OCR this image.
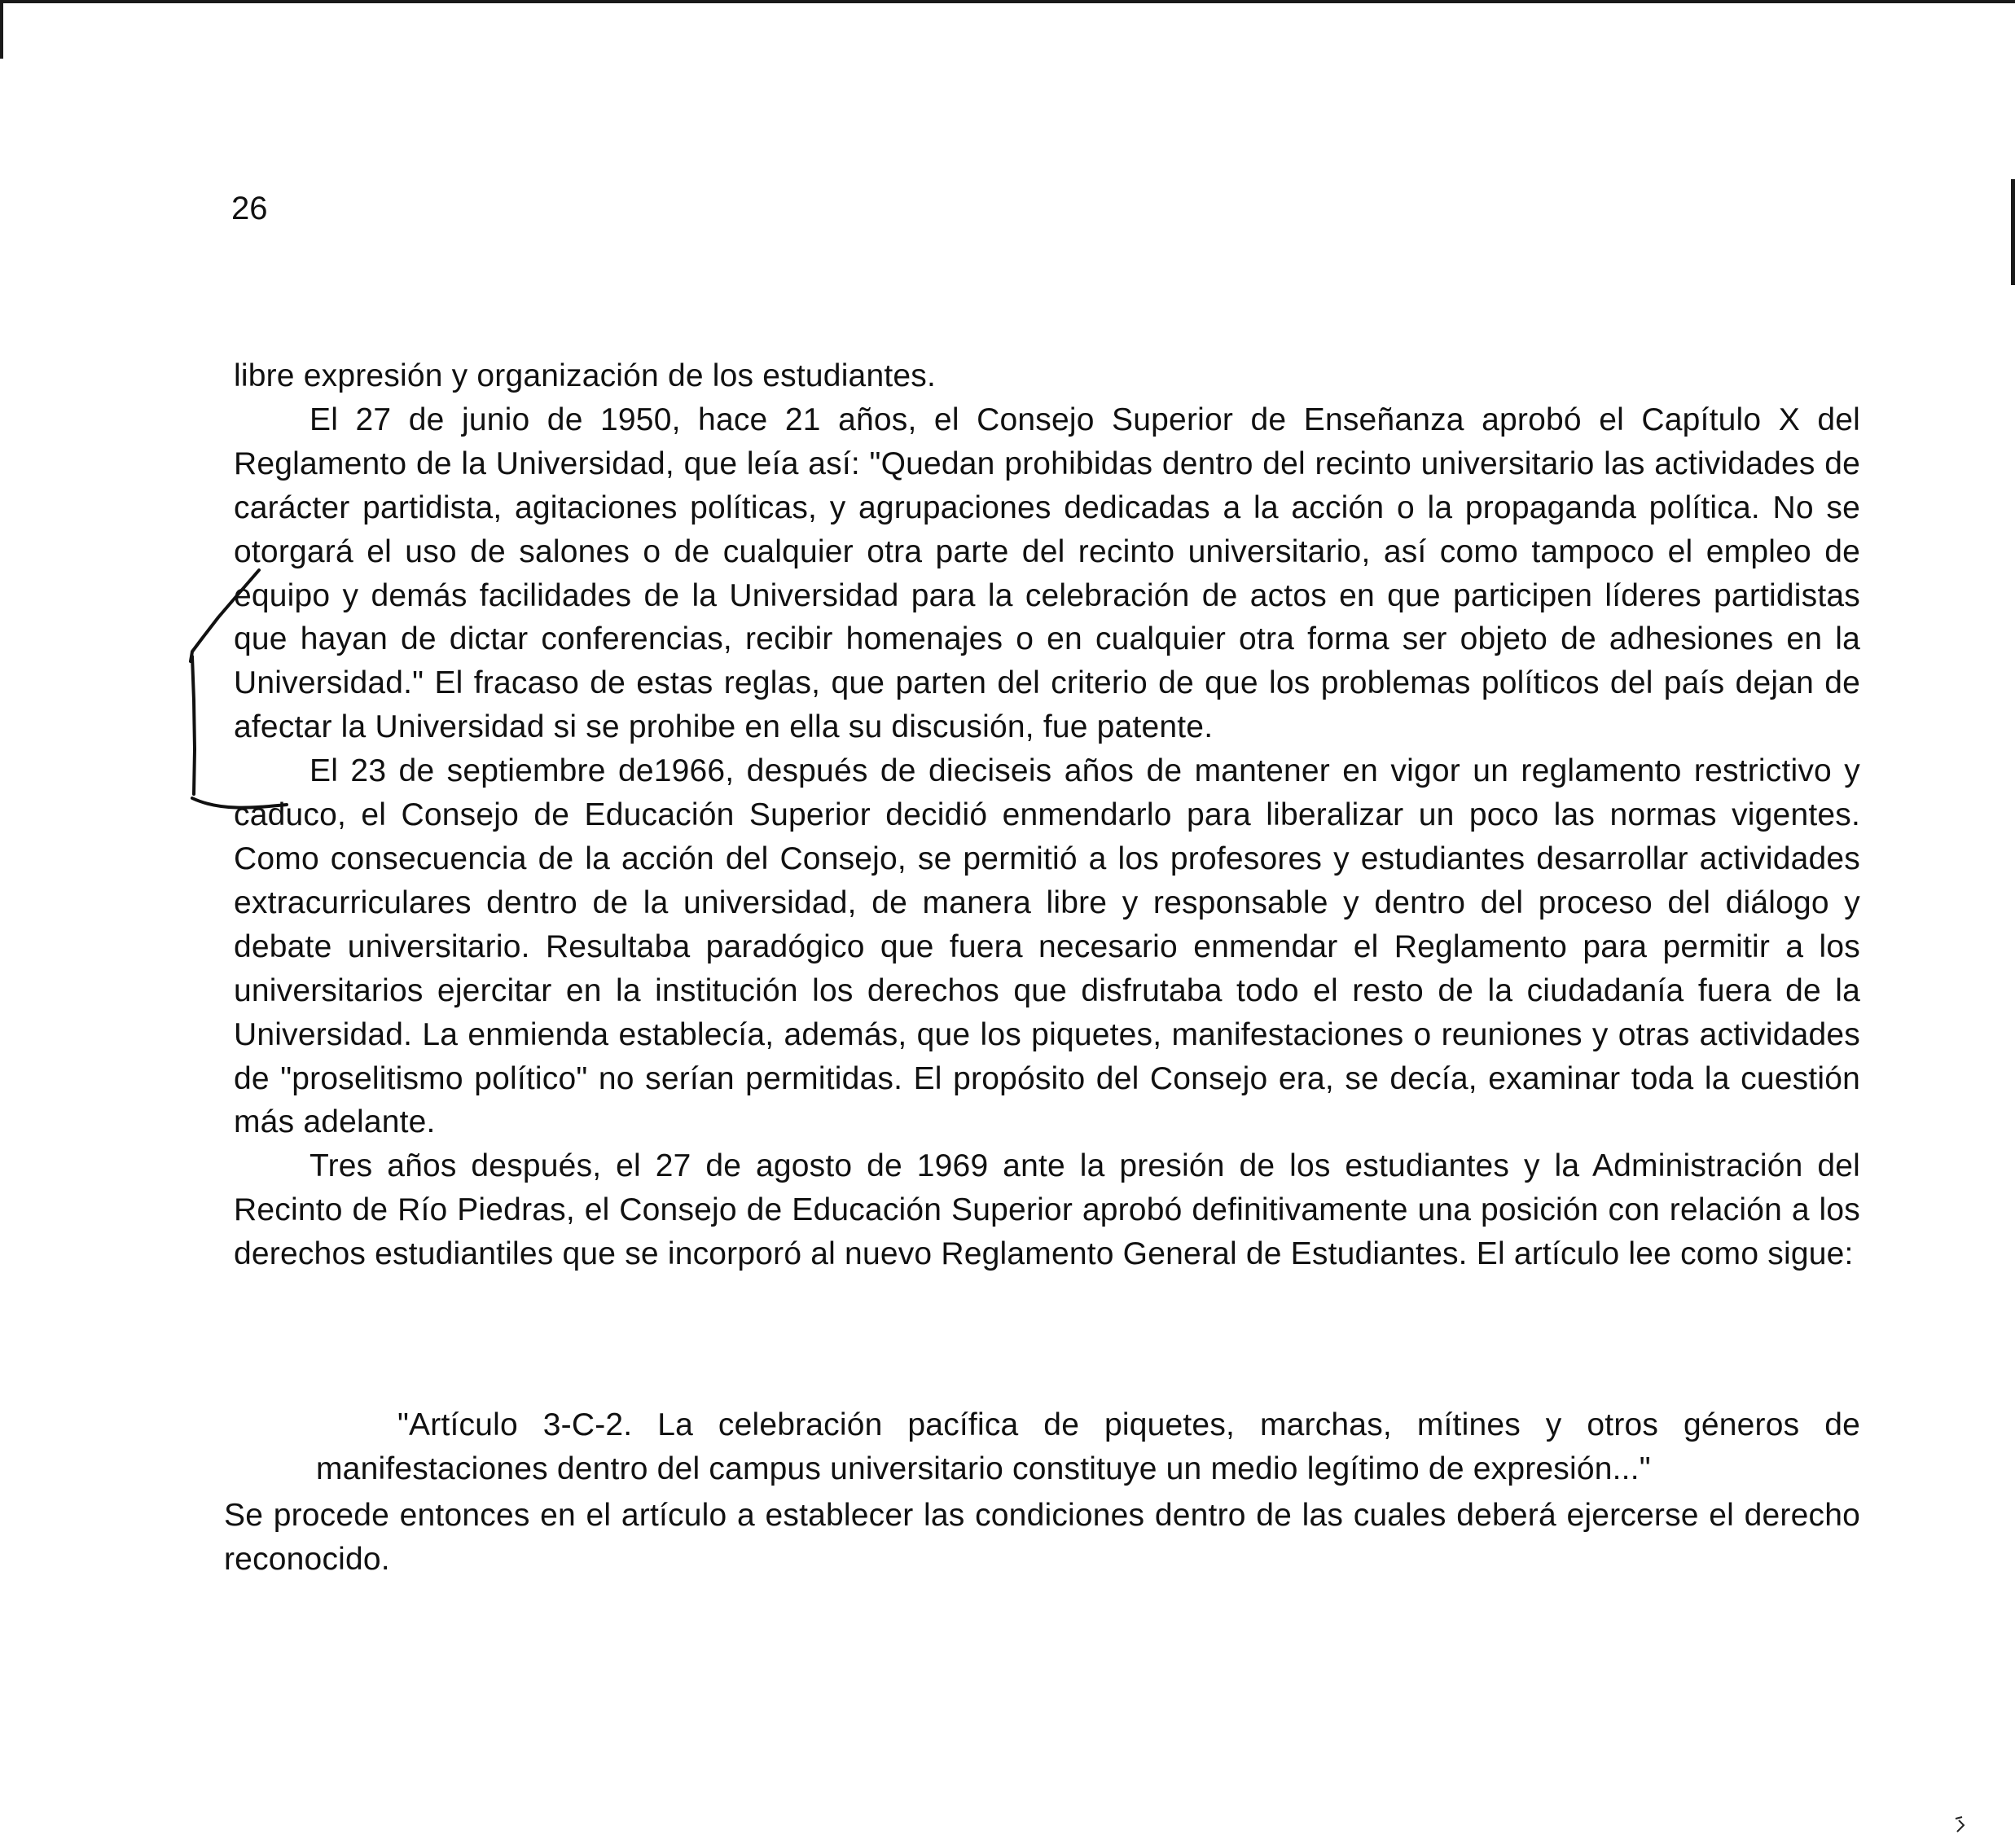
26

libre expresión y organización de los estudiantes.

El 27 de junio de 1950, hace 21 años, el Consejo Superior de Enseñanza aprobó el Capítulo X del Reglamento de la Universidad, que leía así: "Quedan prohibidas dentro del recinto universitario las actividades de carácter partidista, agitaciones políticas, y agrupaciones dedicadas a la acción o la propaganda política. No se otorgará el uso de salones o de cualquier otra parte del recinto universitario, así como tampoco el empleo de equipo y demás facilidades de la Universidad para la celebración de actos en que participen líderes partidistas que hayan de dictar conferencias, recibir homenajes o en cualquier otra forma ser objeto de adhesiones en la Universidad." El fracaso de estas reglas, que parten del criterio de que los problemas políticos del país dejan de afectar la Universidad si se prohibe en ella su discusión, fue patente.

El 23 de septiembre de1966, después de dieciseis años de mantener en vigor un reglamento restrictivo y caduco, el Consejo de Educación Superior decidió enmendarlo para liberalizar un poco las normas vigentes. Como consecuencia de la acción del Consejo, se permitió a los profesores y estudiantes desarrollar actividades extracurriculares dentro de la universidad, de manera libre y responsable y dentro del proceso del diálogo y debate universitario. Resultaba paradógico que fuera necesario enmendar el Reglamento para permitir a los universitarios ejercitar en la institución los derechos que disfrutaba todo el resto de la ciudadanía fuera de la Universidad. La enmienda establecía, además, que los piquetes, manifestaciones o reuniones y otras actividades de "proselitismo político" no serían permitidas. El propósito del Consejo era, se decía, examinar toda la cuestión más adelante.

Tres años después, el 27 de agosto de 1969 ante la presión de los estudiantes y la Administración del Recinto de Río Piedras, el Consejo de Educación Superior aprobó definitivamente una posición con relación a los derechos estudiantiles que se incorporó al nuevo Reglamento General de Estudiantes. El artículo lee como sigue:

"Artículo 3-C-2. La celebración pacífica de piquetes, marchas, mítines y otros géneros de manifestaciones dentro del campus universitario constituye un medio legítimo de expresión..."

Se procede entonces en el artículo a establecer las condiciones dentro de las cuales deberá ejercerse el derecho reconocido.
